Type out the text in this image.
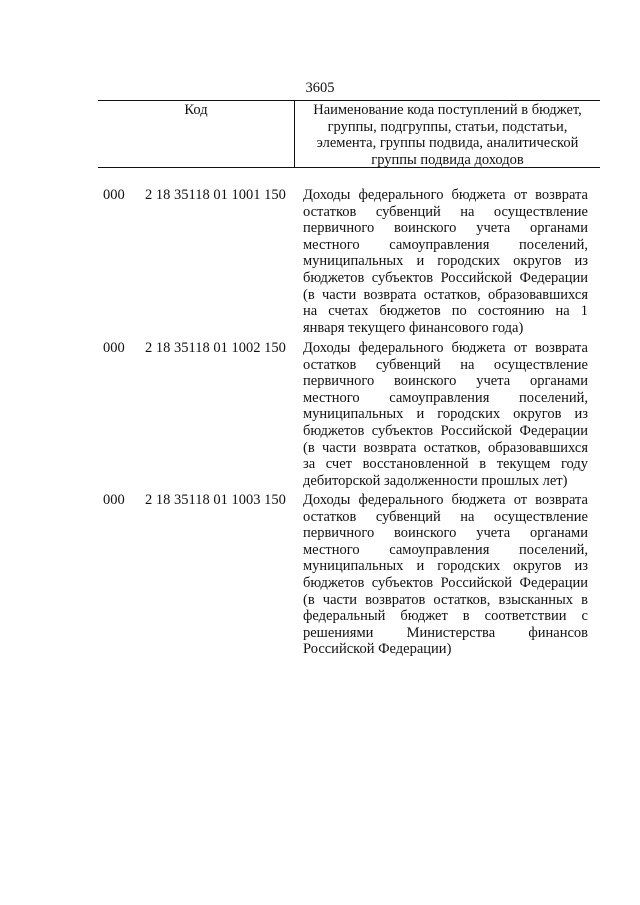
3605
Код	Наименование кода поступлений в бюджет, группы, подгруппы, статьи, подстатьи, элемента, группы подвида, аналитической группы подвида доходов
000 2 18 35118 01 1001 150 Доходы федерального бюджета от возврата остатков субвенций на осуществление первичного воинского учета органами местного самоуправления поселений, муниципальных и городских округов из бюджетов субъектов Российской Федерации (в части возврата остатков, образовавшихся на счетах бюджетов по состоянию на 1 января текущего финансового года)
000 2 18 35118 01 1002 150 Доходы федерального бюджета от возврата остатков субвенций на осуществление первичного воинского учета органами местного самоуправления поселений, муниципальных и городских округов из бюджетов субъектов Российской Федерации (в части возврата остатков, образовавшихся за счет восстановленной в текущем году дебиторской задолженности прошлых лет)
000 2 18 35118 01 1003 150 Доходы федерального бюджета от возврата остатков субвенций на осуществление первичного воинского учета органами местного самоуправления поселений, муниципальных и городских округов из бюджетов субъектов Российской Федерации (в части возвратов остатков, взысканных в федеральный бюджет в соответствии с решениями Министерства финансов Российской Федерации)
